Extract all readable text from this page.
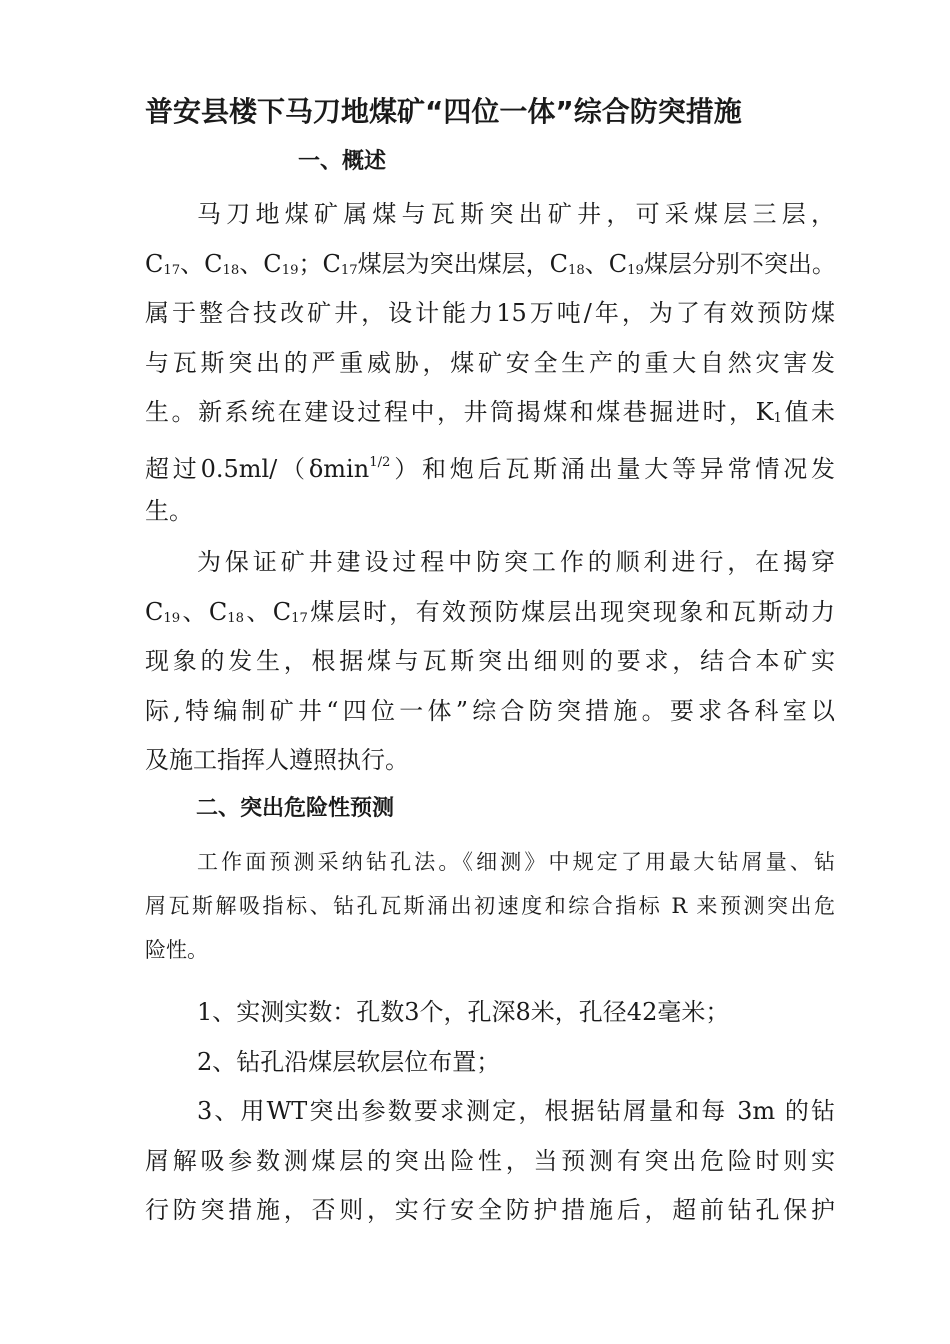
普安县楼下马刀地煤矿“四位一体”综合防突措施
一、概述
马刀地煤矿属煤与瓦斯突出矿井，可采煤层三层，
$C_{17}$、$C_{18}$、$C_{19}$；$C_{17}$煤层为突出煤层，$C_{18}$、$C_{19}$煤层分别不突出。
属于整合技改矿井，设计能力15万吨/年，为了有效预防煤
与瓦斯突出的严重威胁，煤矿安全生产的重大自然灾害发
生。新系统在建设过程中，井筒揭煤和煤巷掘进时，$K_1$值未
超过0.5ml/（δmin$^{1/2}$）和炮后瓦斯涌出量大等异常情况发
生。
为保证矿井建设过程中防突工作的顺利进行，在揭穿
$C_{19}$、$C_{18}$、$C_{17}$煤层时，有效预防煤层出现突现象和瓦斯动力
现象的发生，根据煤与瓦斯突出细则的要求，结合本矿实
际,特编制矿井“四位一体”综合防突措施。要求各科室以
及施工指挥人遵照执行。
二、突出危险性预测
工作面预测采纳钻孔法。《细测》中规定了用最大钻屑量、钻
屑瓦斯解吸指标、钻孔瓦斯涌出初速度和综合指标 R 来预测突出危
险性。
1、实测实数：孔数3个，孔深8米，孔径42毫米；
2、钻孔沿煤层软层位布置；
3、用WT突出参数要求测定，根据钻屑量和每 3m 的钻
屑解吸参数测煤层的突出险性，当预测有突出危险时则实
行防突措施，否则，实行安全防护措施后，超前钻孔保护
